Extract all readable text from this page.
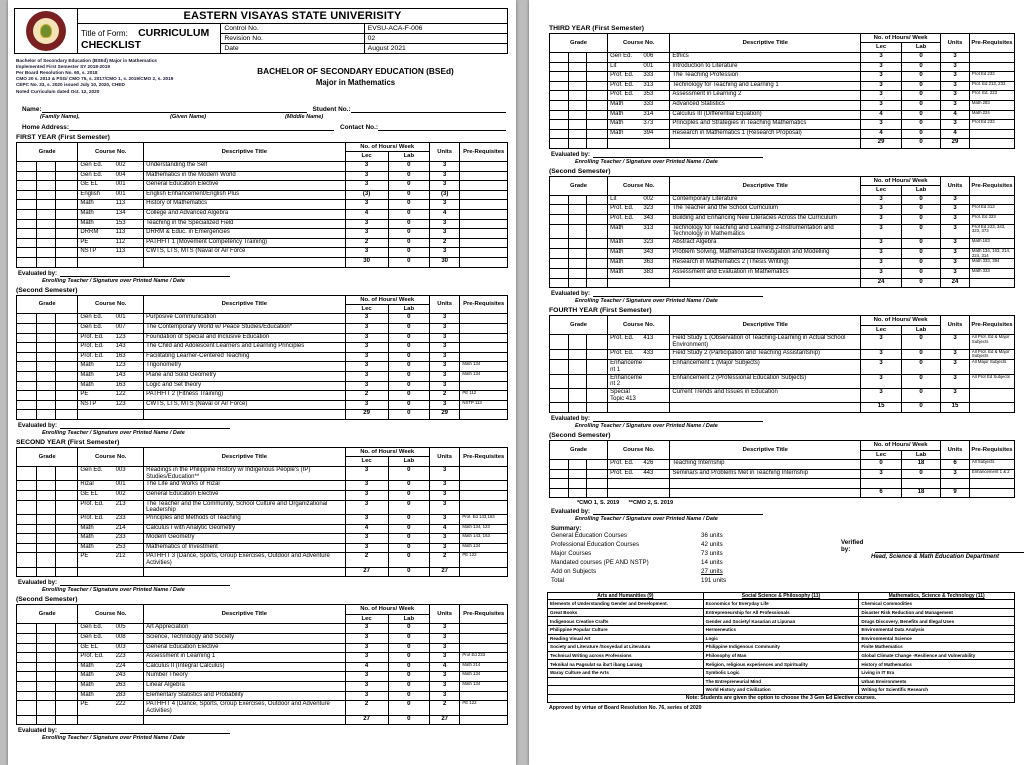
	EASTERN VISAYAS STATE UNIVERISITY		
	Title of Form: CURRICULUM CHECKLIST	Control No.	EVSU-ACA-F-006
		Revision No.	02
		Date	August 2021
Bachelor of Secondary Education (BSEd) Major in Mathematics
Implemented First Semester SY 2018-2019
Per Board Resolution No. 60, s. 2018
CMO 20 s. 2013 & PSG/ CMO 75, s. 2017/CMO 1, s. 2019/CMO 2, s. 2019
CEPC No. 33, s. 2020 issued July 10, 2020, CHED
Noted Curriculum dated Oct. 12, 2020
BACHELOR OF SECONDARY EDUCATION (BSEd)
Major in Mathematics
Name:	Student No.:
(Family Name),	(Given Name)	(Middle Name)
Home Address:	Contact No.:
FIRST YEAR (First Semester)
Grade			Course No.	Descriptive Title	No. of Hours/ Week		Units	Pre-Requisites
					Lec	Lab		
			Gen Ed. 002	Understanding the Self	3	0	3	
			Gen Ed. 004	Mathematics in the Modern World	3	0	3	
			GE EL 001	General Education Elective	3	0	3	
			English 001	English Enhancement/English Plus	(3)	0	(3)	
			Math 113	History of Mathematics	3	0	3	
			Math 134	College and Advanced Algebra	4	0	4	
			Math 153	Teaching in the Specialized Field	3	0	3	
			DRRM 113	DRRM & Educ. in Emergencies	3	0	3	
			PE 112	PATHFIT 1 (Movement Competency Training)	2	0	2	
			NSTP 113	CWTS, LTS, MTS (Naval or Air Force	3	0	3	
					30	0	30	
Evaluated by:
Enrolling Teacher / Signature over Printed Name / Date
(Second Semester)
Grade			Course No.	Descriptive Title	No. of Hours/ Week		Units	Pre-Requisites
					Lec	Lab		
			Gen Ed. 001	Purposive Communication	3	0	3	
			Gen Ed. 007	The Contemporary World w/ Peace Studies/Education*	3	0	3	
			Prof. Ed. 123	Foundation of Special and Inclusive Education	3	0	3	
			Prof. Ed. 143	The Child and Adolescent Learners and Learning Principles	3	0	3	
			Prof. Ed. 163	Facilitating Learner-Centered Teaching	3	0	3	
			Math 123	Trigonometry	3	0	3	Math 134
			Math 143	Plane and Solid Geometry	3	0	3	Math 134
			Math 163	Logic and Set theory	3	0	3	
			PE 122	PATHFIT 2 (Fitness Training)	2	0	2	PE 112
			NSTP 123	CWTS, LTS, MTS (Naval or Air Force)	3	0	3	NSTP 113
					29	0	29	
Evaluated by:
Enrolling Teacher / Signature over Printed Name / Date
SECOND YEAR (First Semester)
Grade			Course No.	Descriptive Title	No. of Hours/ Week		Units	Pre-Requisites
					Lec	Lab		
			Gen Ed. 003	Readings in the Philippine History w/ Indigenous People's (IP) Studies/Education**	3	0	3	
			Rizal 001	The Life and Works of Rizal	3	0	3	
			GE EL 002	General Education Elective	3	0	3	
			Prof. Ed. 213	The Teacher and the Community, School Culture and Organizational Leadership	3	0	3	
			Prof. Ed. 233	Principles and Methods of Teaching	3	0	3	Prof. Ed 143,163
			Math 214	Calculus I with Analytic Geometry	4	0	4	Math 134, 123
			Math 233	Modern Geometry	3	0	3	Math 143, 163
			Math 253	Mathematics of Investment	3	0	3	Math 134
			PE 212	PATHFIT 3 (Dance, Sports, Group Exercises, Outdoor and Adventure Activities)	2	0	2	PE 122
					27	0	27	
Evaluated by:
Enrolling Teacher / Signature over Printed Name / Date
(Second Semester)
Grade			Course No.	Descriptive Title	No. of Hours/ Week		Units	Pre-Requisites
					Lec	Lab		
			Gen Ed. 005	Art Appreciation	3	0	3	
			Gen Ed. 008	Science, Technology and Society	3	0	3	
			GE EL 003	General Education Elective	3	0	3	
			Prof. Ed. 223	Assessment in Learning 1	3	0	3	Prof Ed 233
			Math 224	Calculus II (Integral Calculus)	4	0	4	Math 214
			Math 243	Number Theory	3	0	3	Math 134
			Math 263	Linear Algebra	3	0	3	Math 134
			Math 283	Elementary Statistics and Probability	3	0	3	
			PE 222	PATHFIT 4 (Dance, Sports, Group Exercises, Outdoor and Adventure Activities)	2	0	2	PE 122
					27	0	27	
Evaluated by:
Enrolling Teacher / Signature over Printed Name / Date
THIRD YEAR (First Semester)
Grade			Course No.	Descriptive Title	No. of Hours/ Week		Units	Pre-Requisites
					Lec	Lab		
			Gen Ed. 006	Ethics	3	0	3	
			Lit 001	Introduction to Literature	3	0	3	
			Prof. Ed. 333	The Teaching Profession	3	0	3	Prof Ed 233
			Prof. Ed. 313	Technology for Teaching and Learning 1	3	0	3	Prof. Ed 213, 233
			Prof. Ed. 353	Assessment in Learning 2	3	0	3	Prof. Ed. 223
			Math 333	Advanced Statistics	3	0	3	Math 283
			Math 314	Calculus III (Differential Equation)	4	0	4	Math 224
			Math 373	Principles and Strategies in Teaching Mathematics	3	0	3	Prof Ed 233
			Math 394	Research in Mathematics 1 (Research Proposal)	4	0	4	
					29	0	29	
Evaluated by:
Enrolling Teacher / Signature over Printed Name / Date
(Second Semester)
Grade			Course No.	Descriptive Title	No. of Hours/ Week		Units	Pre-Requisites
					Lec	Lab		
			Lit 002	Contemporary Literature	3	0	3	
			Prof. Ed. 323	The Teacher and the School Curriculum	3	0	3	Prof Ed 313
			Prof. Ed. 343	Building and Enhancing New Literacies Across the Curriculum	3	0	3	Prof. Ed 323
			Math 313	Technology for Teaching and Learning 2-Instrumentation and Technology in Mathematics	3	0	3	Prof Ed 223, 343, 323, 373
			Math 323	Abstract Algebra	3	0	3	Math 163
			Math 343	Problem Solving, Mathematical Investigation and Modelling	3	0	3	Math 134, 163, 214, 224, 314
			Math 363	Research in Mathematics 2 (Thesis Writing)	3	0	3	Math 333, 394
			Math 383	Assessment and Evaluation in Mathematics	3	0	3	Math 333
					24	0	24	
Evaluated by:
Enrolling Teacher / Signature over Printed Name / Date
FOURTH YEAR (First Semester)
Grade			Course No.	Descriptive Title	No. of Hours/ Week		Units	Pre-Requisites
					Lec	Lab		
			Prof. Ed. 413	Field Study 1 (Observation of Teaching-Learning in Actual School Environment)	3	0	3	All Prof. Ed & Major Subjects
			Prof. Ed. 433	Field Study 2 (Participation and Teaching Assistantship)	3	0	3	All Prof. Ed & Major Subjects
			Enhancement 1	Enhancement 1 (Major Subjects)	3	0	3	All Major Subjects
			Enhancement 2	Enhancement 2 (Professional Education Subjects)	3	0	3	All Prof Ed Subjects
			Special Topic 413	Current Trends and Issues in Education	3	0	3	
					15	0	15	
Evaluated by:
Enrolling Teacher / Signature over Printed Name / Date
(Second Semester)
Grade			Course No.	Descriptive Title	No. of Hours/ Week		Units	Pre-Requisites
					Lec	Lab		
			Prof. Ed. 426	Teaching Internship	0	18	6	All Subjects
			Prof. Ed. 443	Seminars and Problems Met in Teaching Internship	3	0	3	Enhancement 1 & 2

					6	18	9	
*CMO 1, S. 2019      **CMO 2, S. 2019
Evaluated by:
Enrolling Teacher / Signature over Printed Name / Date
Summary:
General Education Courses	36 units
Professional Education Courses	42 units
Major Courses	73 units
Mandated courses (PE AND NSTP)	14 units
Add on Subjects	27 units
Total	191 units
Verified by:
Head, Science & Math Education Department
Arts and Humanities (9)	Social Science & Philosophy (11)	Mathematics, Science & Technology (11)
Elements of Understanding Gender and Development.	Economics for Everyday Life	Chemical Commodities
Great Books	Entrepreneurship for All Professionals	Disaster Risk Reduction and Management
Indigenous Creative Crafts	Gender and Society/ Kasarian at Lipunan	Drugs Discovery, Benefits and Illegal Uses
Philippine Popular Culture	Hermeneutics	Environmental Data Analysis
Reading Visual Art	Logic	Environmental Science
Society and Literature /Sosyedad at Literatura	Philippine Indigenous Community	Finite Mathematics
Technical Writing across Professions	Philosophy of Man	Global Climate Change -Resilience and Vulnerability
Teknikal na Pagsulat sa iba't ibang Larang	Religion, religious experiences and Spirituality	History of Mathematics
Waray Culture and the Arts	Symbolic Logic	Living in IT Era
	The Entrepreneurial Mind	Urban Environments
	World History and Civilization	Writing for Scientific Research
Note: Students are given the option to choose the 3 Gen Ed Elective courses.		
Approved by virtue of Board Resolution No. 76, series of 2020
